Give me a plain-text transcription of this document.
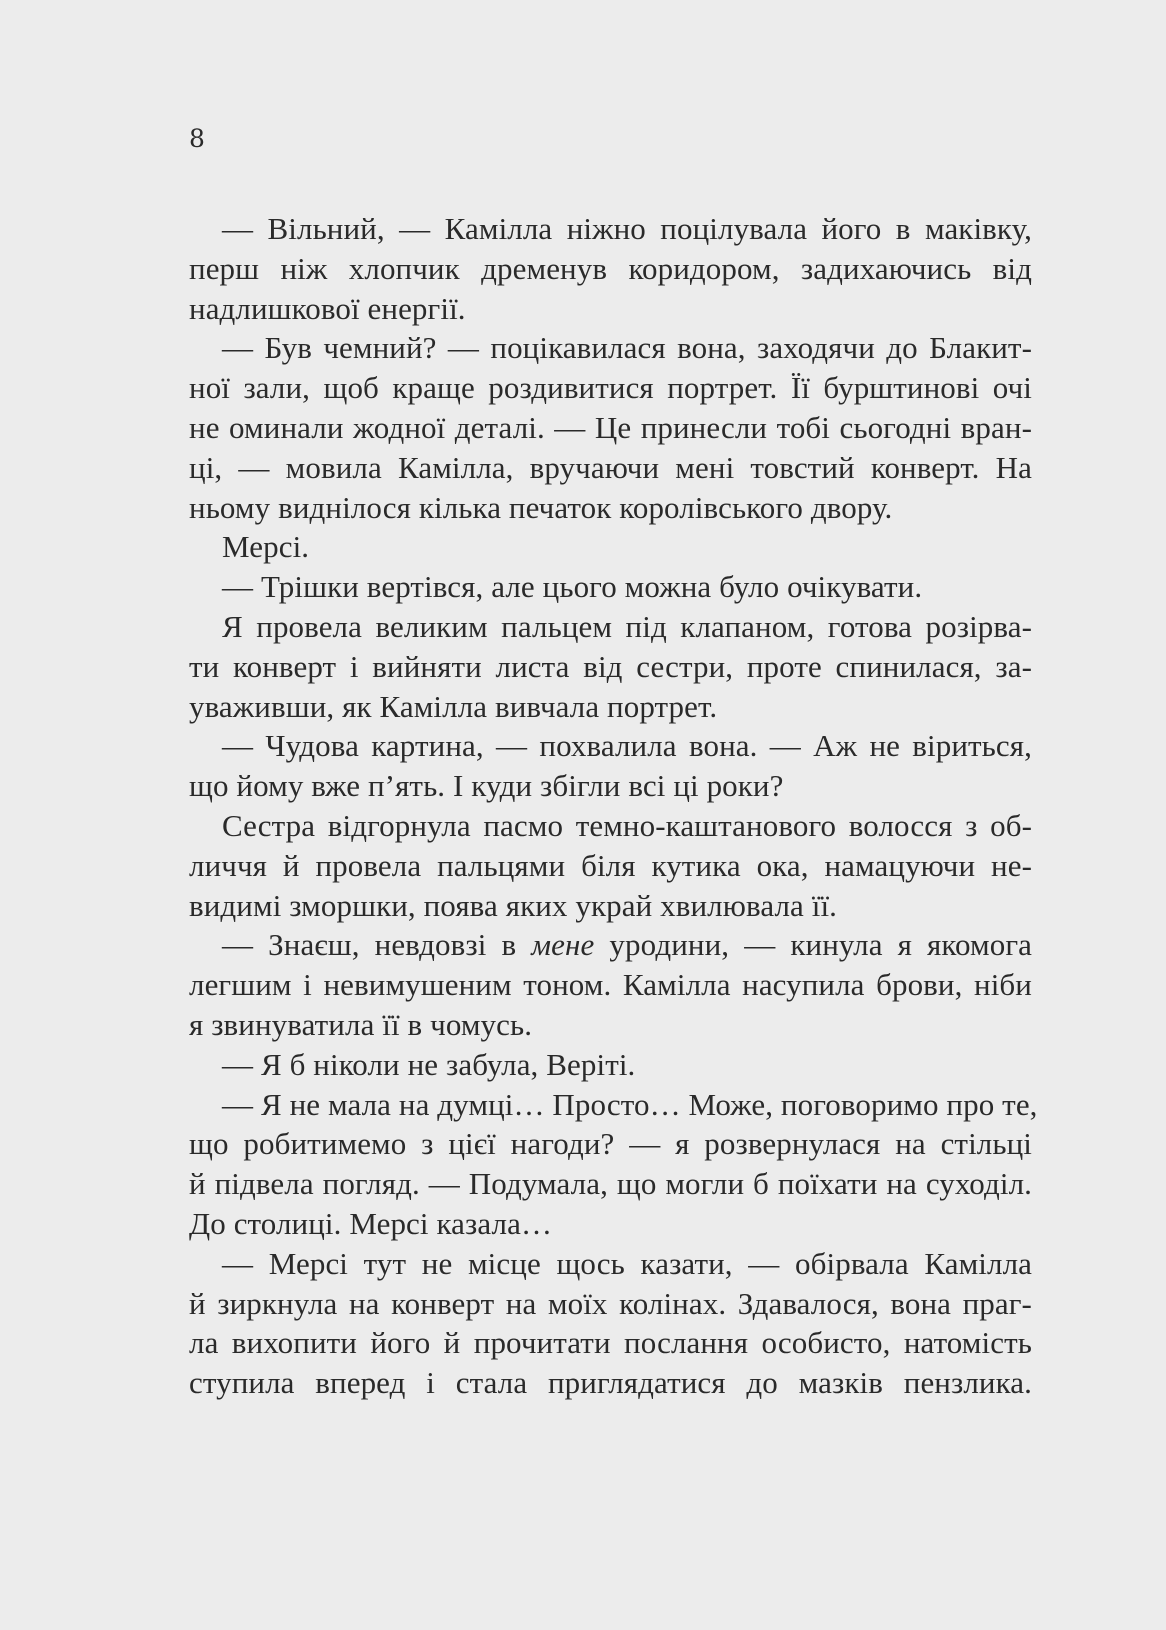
8
— Вільний, — Камілла ніжно поцілувала його в маківку,
перш ніж хлопчик дременув коридором, задихаючись від
надлишкової енергії.
— Був чемний? — поцікавилася вона, заходячи до Блакит-
ної зали, щоб краще роздивитися портрет. Її бурштинові очі
не оминали жодної деталі. — Це принесли тобі сьогодні вран-
ці, — мовила Камілла, вручаючи мені товстий конверт. На
ньому виднілося кілька печаток королівського двору.
Мерсі.
— Трішки вертівся, але цього можна було очікувати.
Я провела великим пальцем під клапаном, готова розірва-
ти конверт і вийняти листа від сестри, проте спинилася, за-
уваживши, як Камілла вивчала портрет.
— Чудова картина, — похвалила вона. — Аж не віриться,
що йому вже п’ять. І куди збігли всі ці роки?
Сестра відгорнула пасмо темно-каштанового волосся з об-
личчя й провела пальцями біля кутика ока, намацуючи не-
видимі зморшки, поява яких украй хвилювала її.
— Знаєш, невдовзі в мене уродини, — кинула я якомога
легшим і невимушеним тоном. Камілла насупила брови, ніби
я звинуватила її в чомусь.
— Я б ніколи не забула, Веріті.
— Я не мала на думці… Просто… Може, поговоримо про те,
що робитимемо з цієї нагоди? — я розвернулася на стільці
й підвела погляд. — Подумала, що могли б поїхати на суходіл.
До столиці. Мерсі казала…
— Мерсі тут не місце щось казати, — обірвала Камілла
й зиркнула на конверт на моїх колінах. Здавалося, вона праг-
ла вихопити його й прочитати послання особисто, натомість
ступила вперед і стала приглядатися до мазків пензлика.
